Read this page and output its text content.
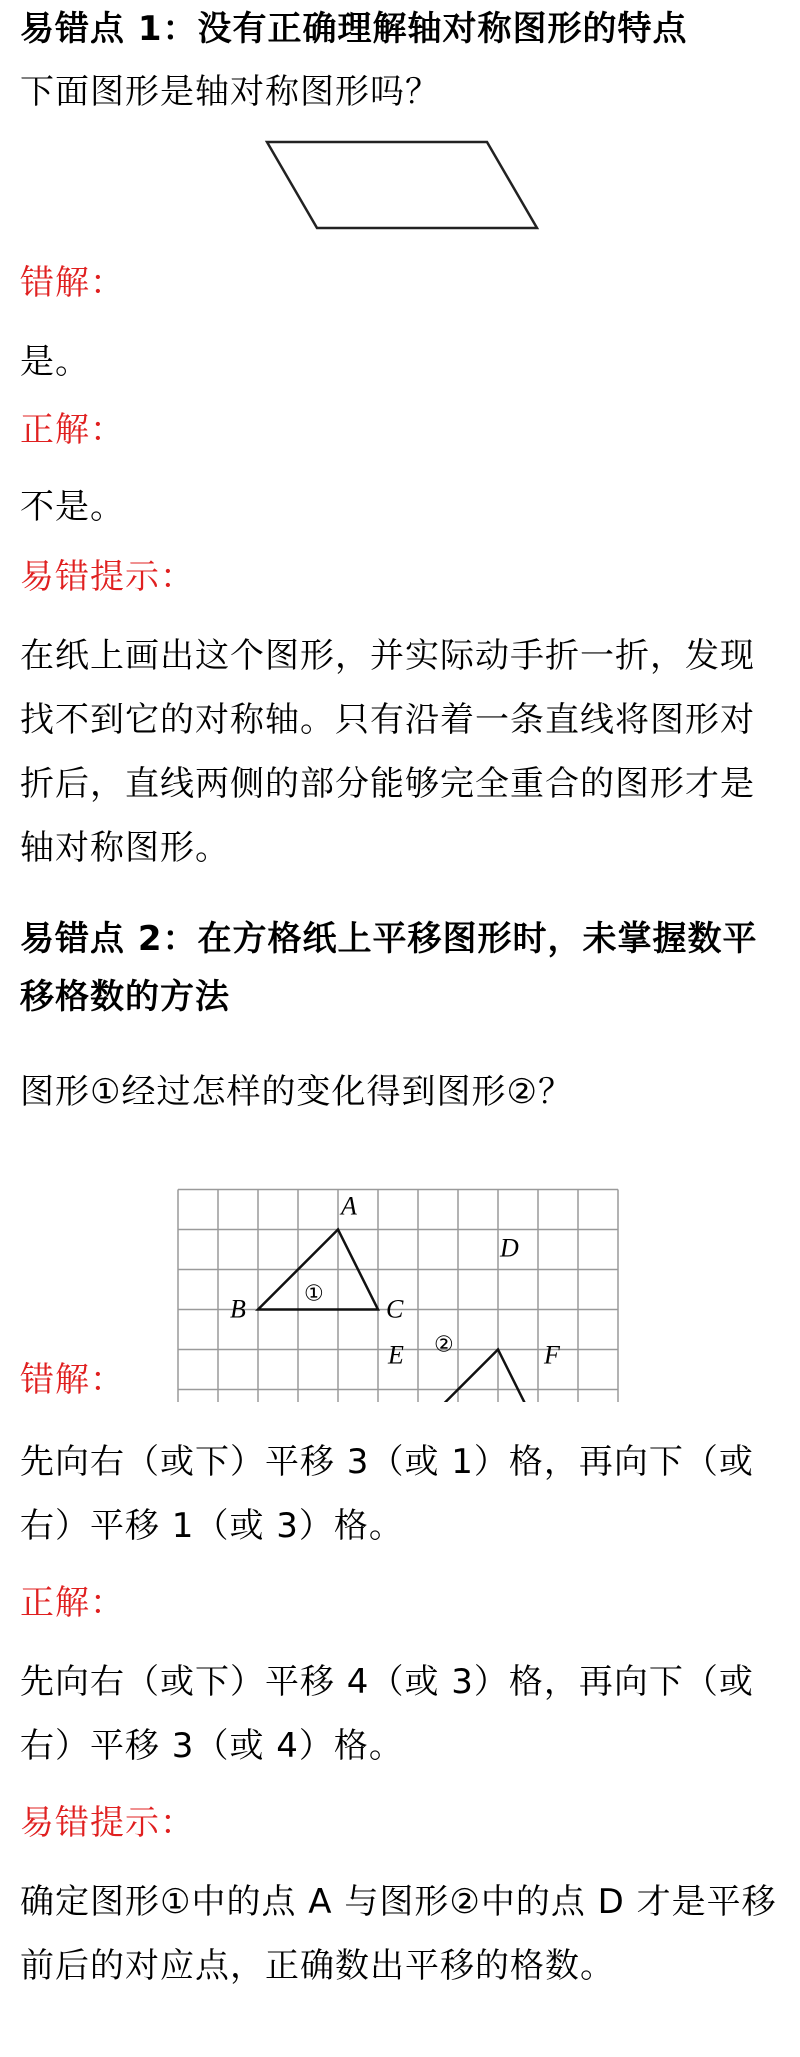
易错点 1：没有正确理解轴对称图形的特点
下面图形是轴对称图形吗？
错解：
是。
正解：
不是。
易错提示：
在纸上画出这个图形，并实际动手折一折，发现找不到它的对称轴。只有沿着一条直线将图形对折后，直线两侧的部分能够完全重合的图形才是轴对称图形。
易错点 2：在方格纸上平移图形时，未掌握数平移格数的方法
图形①经过怎样的变化得到图形②？
①
②
A
B	C
D
E	F
错解：
先向右（或下）平移 3（或 1）格，再向下（或右）平移 1（或 3）格。
正解：
先向右（或下）平移 4（或 3）格，再向下（或右）平移 3（或 4）格。
易错提示：
确定图形①中的点 A 与图形②中的点 D 才是平移前后的对应点，正确数出平移的格数。
